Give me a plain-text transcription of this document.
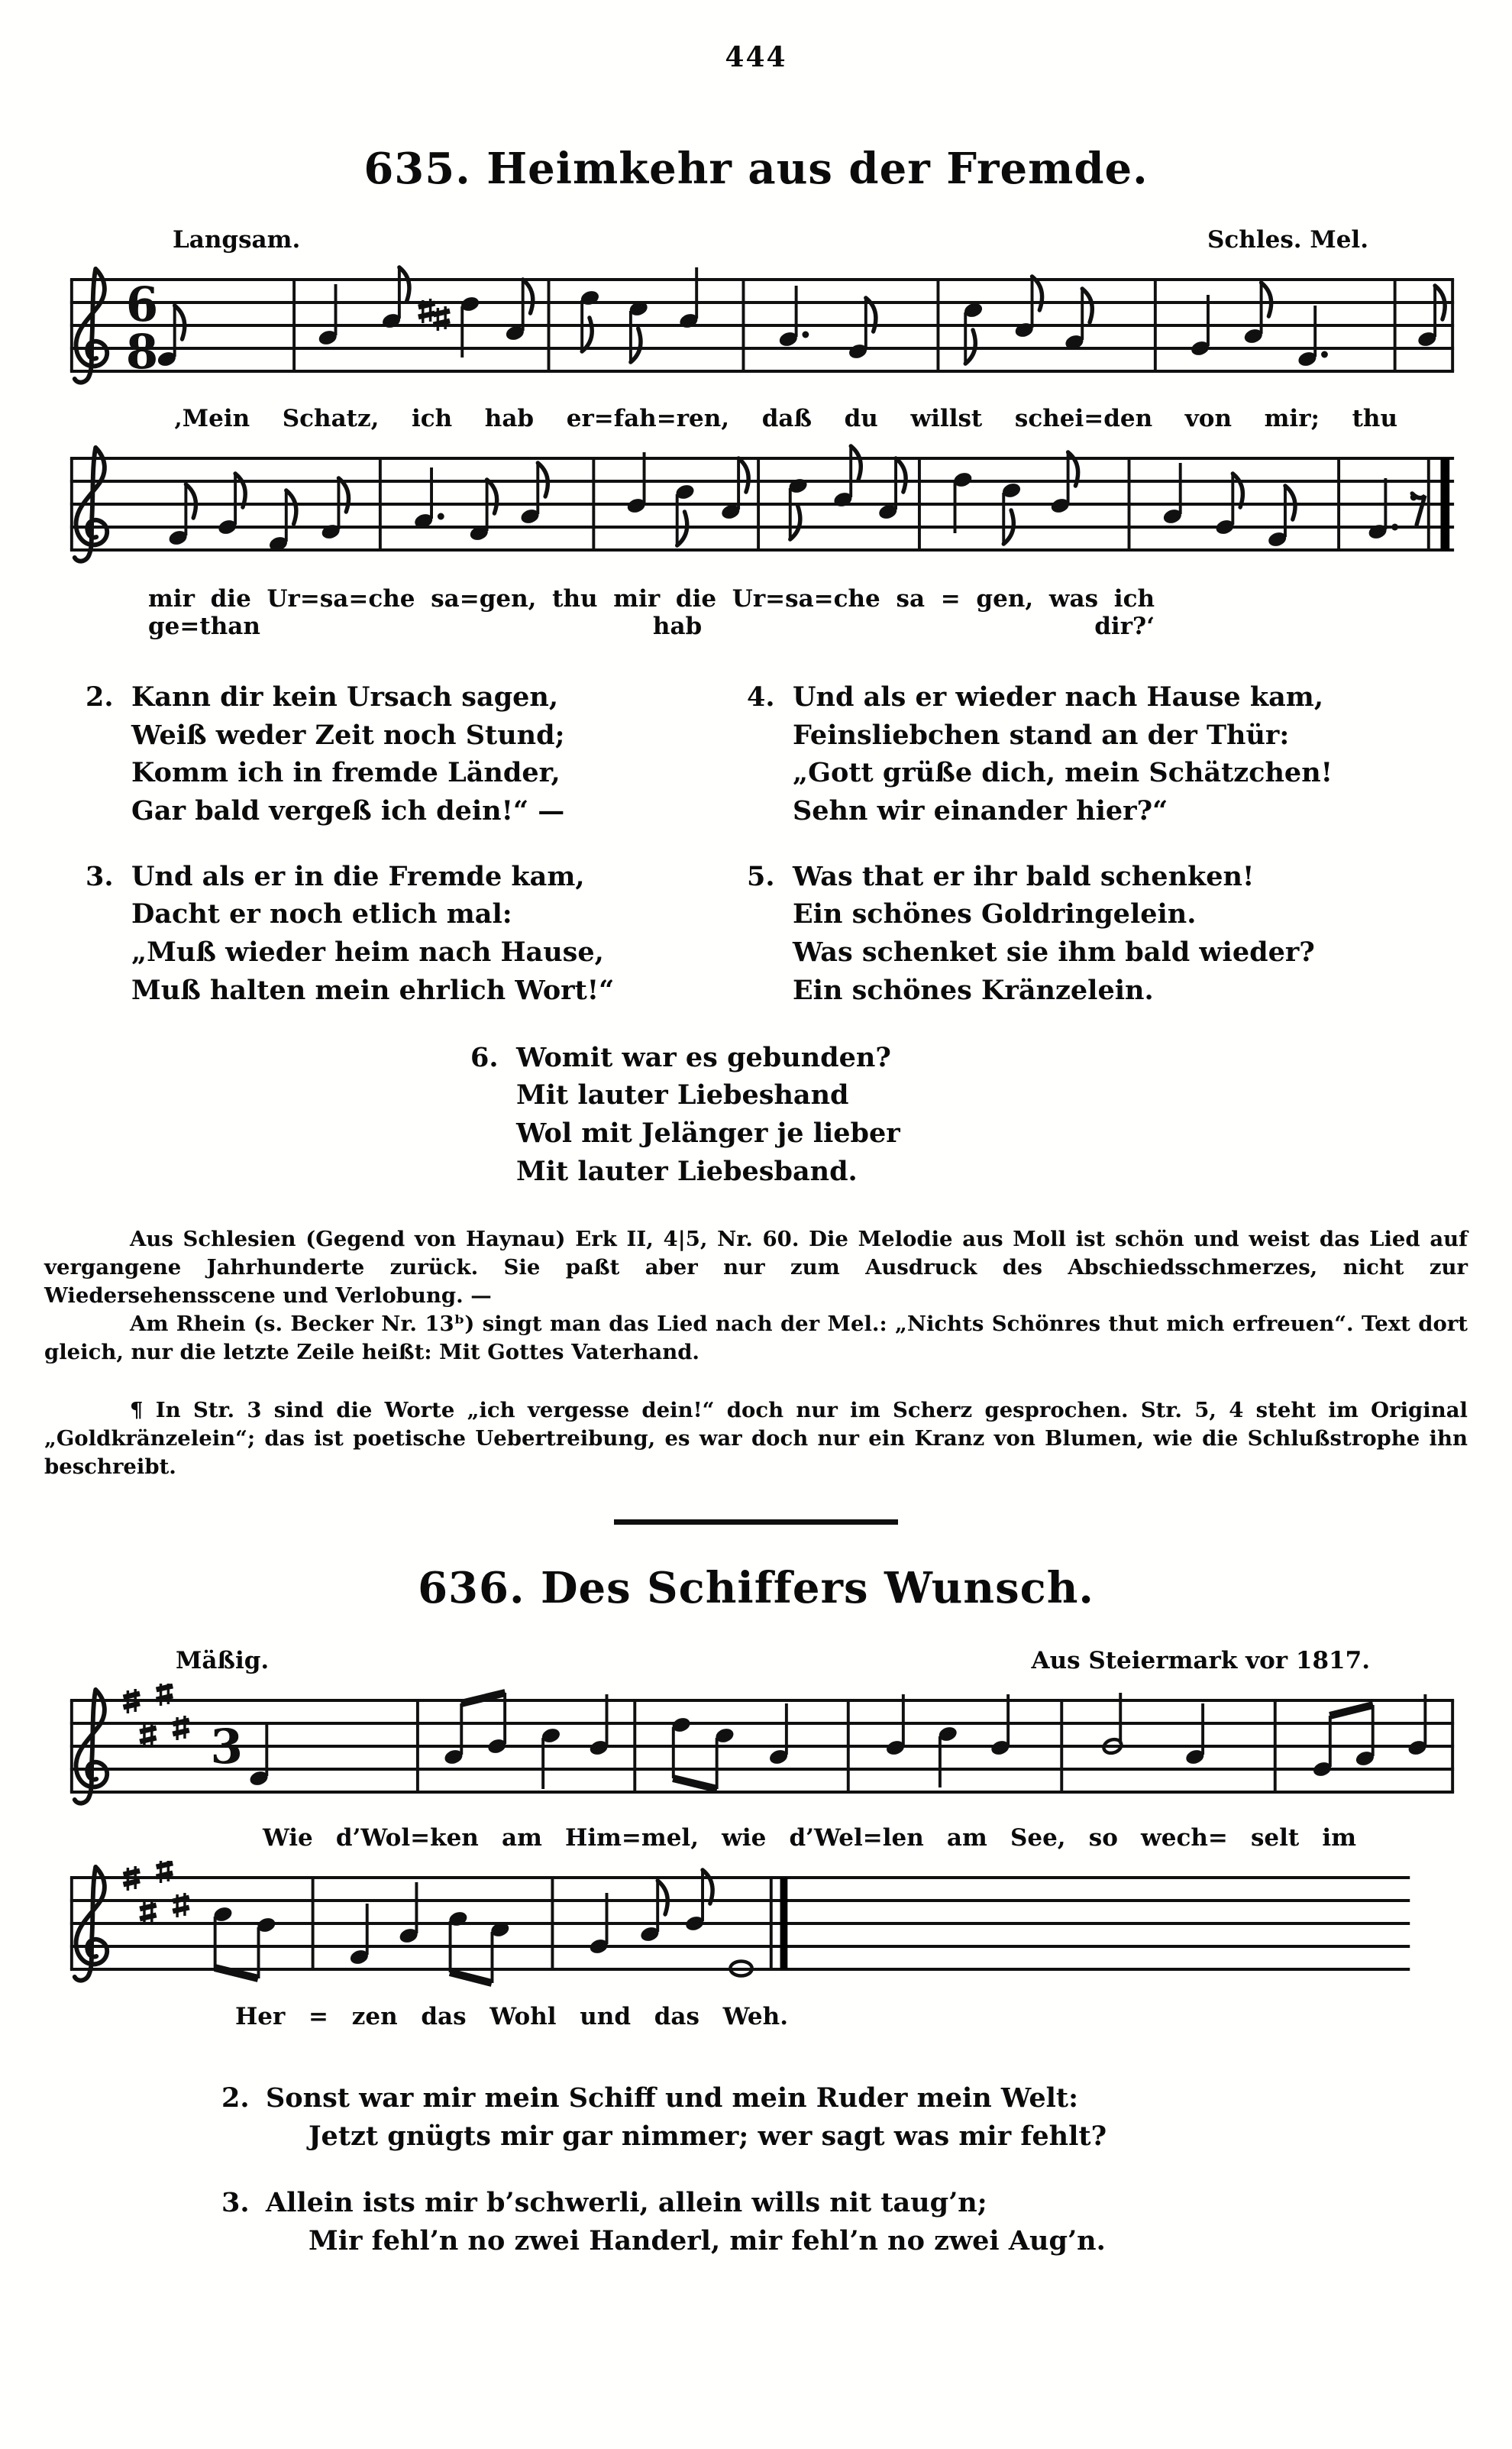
444
635. Heimkehr aus der Fremde.
Langsam.	Schles. Mel.
6
8
‚Mein Schatz, ich hab er=fah=ren, daß du willst schei=den von mir; thu
mir die Ur=sa=che sa=gen, thu mir die Ur=sa=che sa = gen, was ich ge=than hab dir?‘
2. Kann dir kein Ursach sagen,
Weiß weder Zeit noch Stund;
Komm ich in fremde Länder,
Gar bald vergeß ich dein!“ —
3. Und als er in die Fremde kam,
Dacht er noch etlich mal:
„Muß wieder heim nach Hause,
Muß halten mein ehrlich Wort!“
4. Und als er wieder nach Hause kam,
Feinsliebchen stand an der Thür:
„Gott grüße dich, mein Schätzchen!
Sehn wir einander hier?“
5. Was that er ihr bald schenken!
Ein schönes Goldringelein.
Was schenket sie ihm bald wieder?
Ein schönes Kränzelein.
6. Womit war es gebunden?
Mit lauter Liebeshand
Wol mit Jelänger je lieber
Mit lauter Liebesband.

Aus Schlesien (Gegend von Haynau) Erk II, 4|5, Nr. 60. Die Melodie aus Moll ist schön und weist das Lied auf vergangene Jahrhunderte zurück. Sie paßt aber nur zum Ausdruck des Abschiedsschmerzes, nicht zur Wiedersehensscene und Verlobung. —

Am Rhein (s. Becker Nr. 13ᵇ) singt man das Lied nach der Mel.: „Nichts Schönres thut mich erfreuen“. Text dort gleich, nur die letzte Zeile heißt: Mit Gottes Vaterhand.

¶ In Str. 3 sind die Worte „ich vergesse dein!“ doch nur im Scherz gesprochen. Str. 5, 4 steht im Original „Goldkränzelein“; das ist poetische Uebertreibung, es war doch nur ein Kranz von Blumen, wie die Schlußstrophe ihn beschreibt.

636. Des Schiffers Wunsch.
Mäßig.	Aus Steiermark vor 1817.
3
Wie d’Wol=ken am Him=mel, wie d’Wel=len am See, so wech= selt im
Her = zen das Wohl und das Weh.
2. Sonst war mir mein Schiff und mein Ruder mein Welt:
Jetzt gnügts mir gar nimmer; wer sagt was mir fehlt?
3. Allein ists mir b’schwerli, allein wills nit taug’n;
Mir fehl’n no zwei Handerl, mir fehl’n no zwei Aug’n.
